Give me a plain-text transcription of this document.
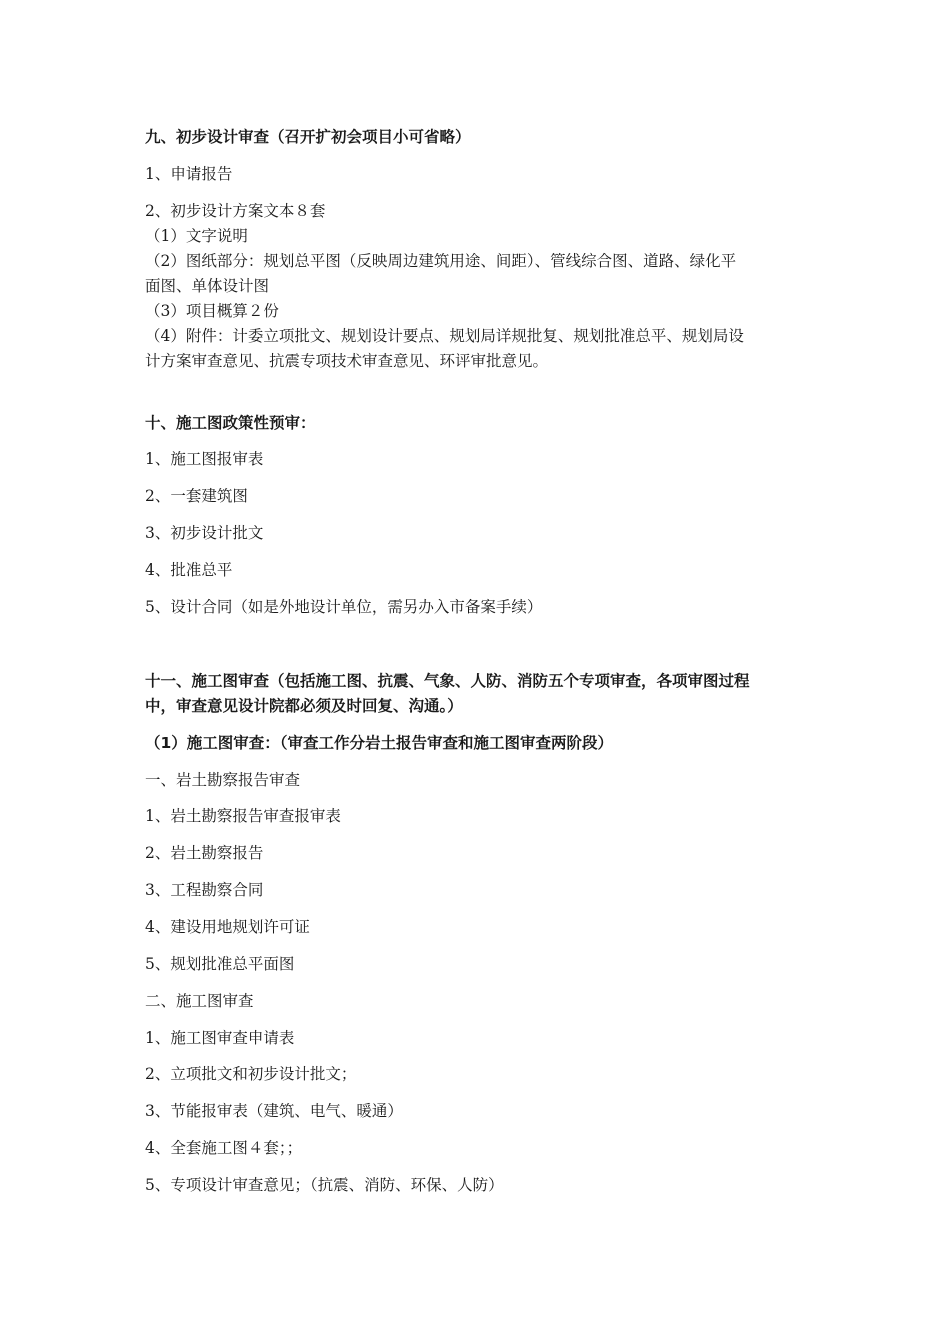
九、初步设计审查（召开扩初会项目小可省略）
1、申请报告
2、初步设计方案文本８套
（1）文字说明
（2）图纸部分：规划总平图（反映周边建筑用途、间距）、管线综合图、道路、绿化平
面图、单体设计图
（3）项目概算２份
（4）附件：计委立项批文、规划设计要点、规划局详规批复、规划批准总平、规划局设
计方案审查意见、抗震专项技术审查意见、环评审批意见。
十、施工图政策性预审：
1、施工图报审表
2、一套建筑图
3、初步设计批文
4、批准总平
5、设计合同（如是外地设计单位，需另办入市备案手续）
十一、施工图审查（包括施工图、抗震、气象、人防、消防五个专项审查，各项审图过程
中，审查意见设计院都必须及时回复、沟通。）
（1）施工图审查：（审查工作分岩土报告审查和施工图审查两阶段）
一、岩土勘察报告审查
1、岩土勘察报告审查报审表
2、岩土勘察报告
3、工程勘察合同
4、建设用地规划许可证
5、规划批准总平面图
二、施工图审查
1、施工图审查申请表
2、立项批文和初步设计批文；
3、节能报审表（建筑、电气、暖通）
4、全套施工图４套；；
5、专项设计审查意见；（抗震、消防、环保、人防）
